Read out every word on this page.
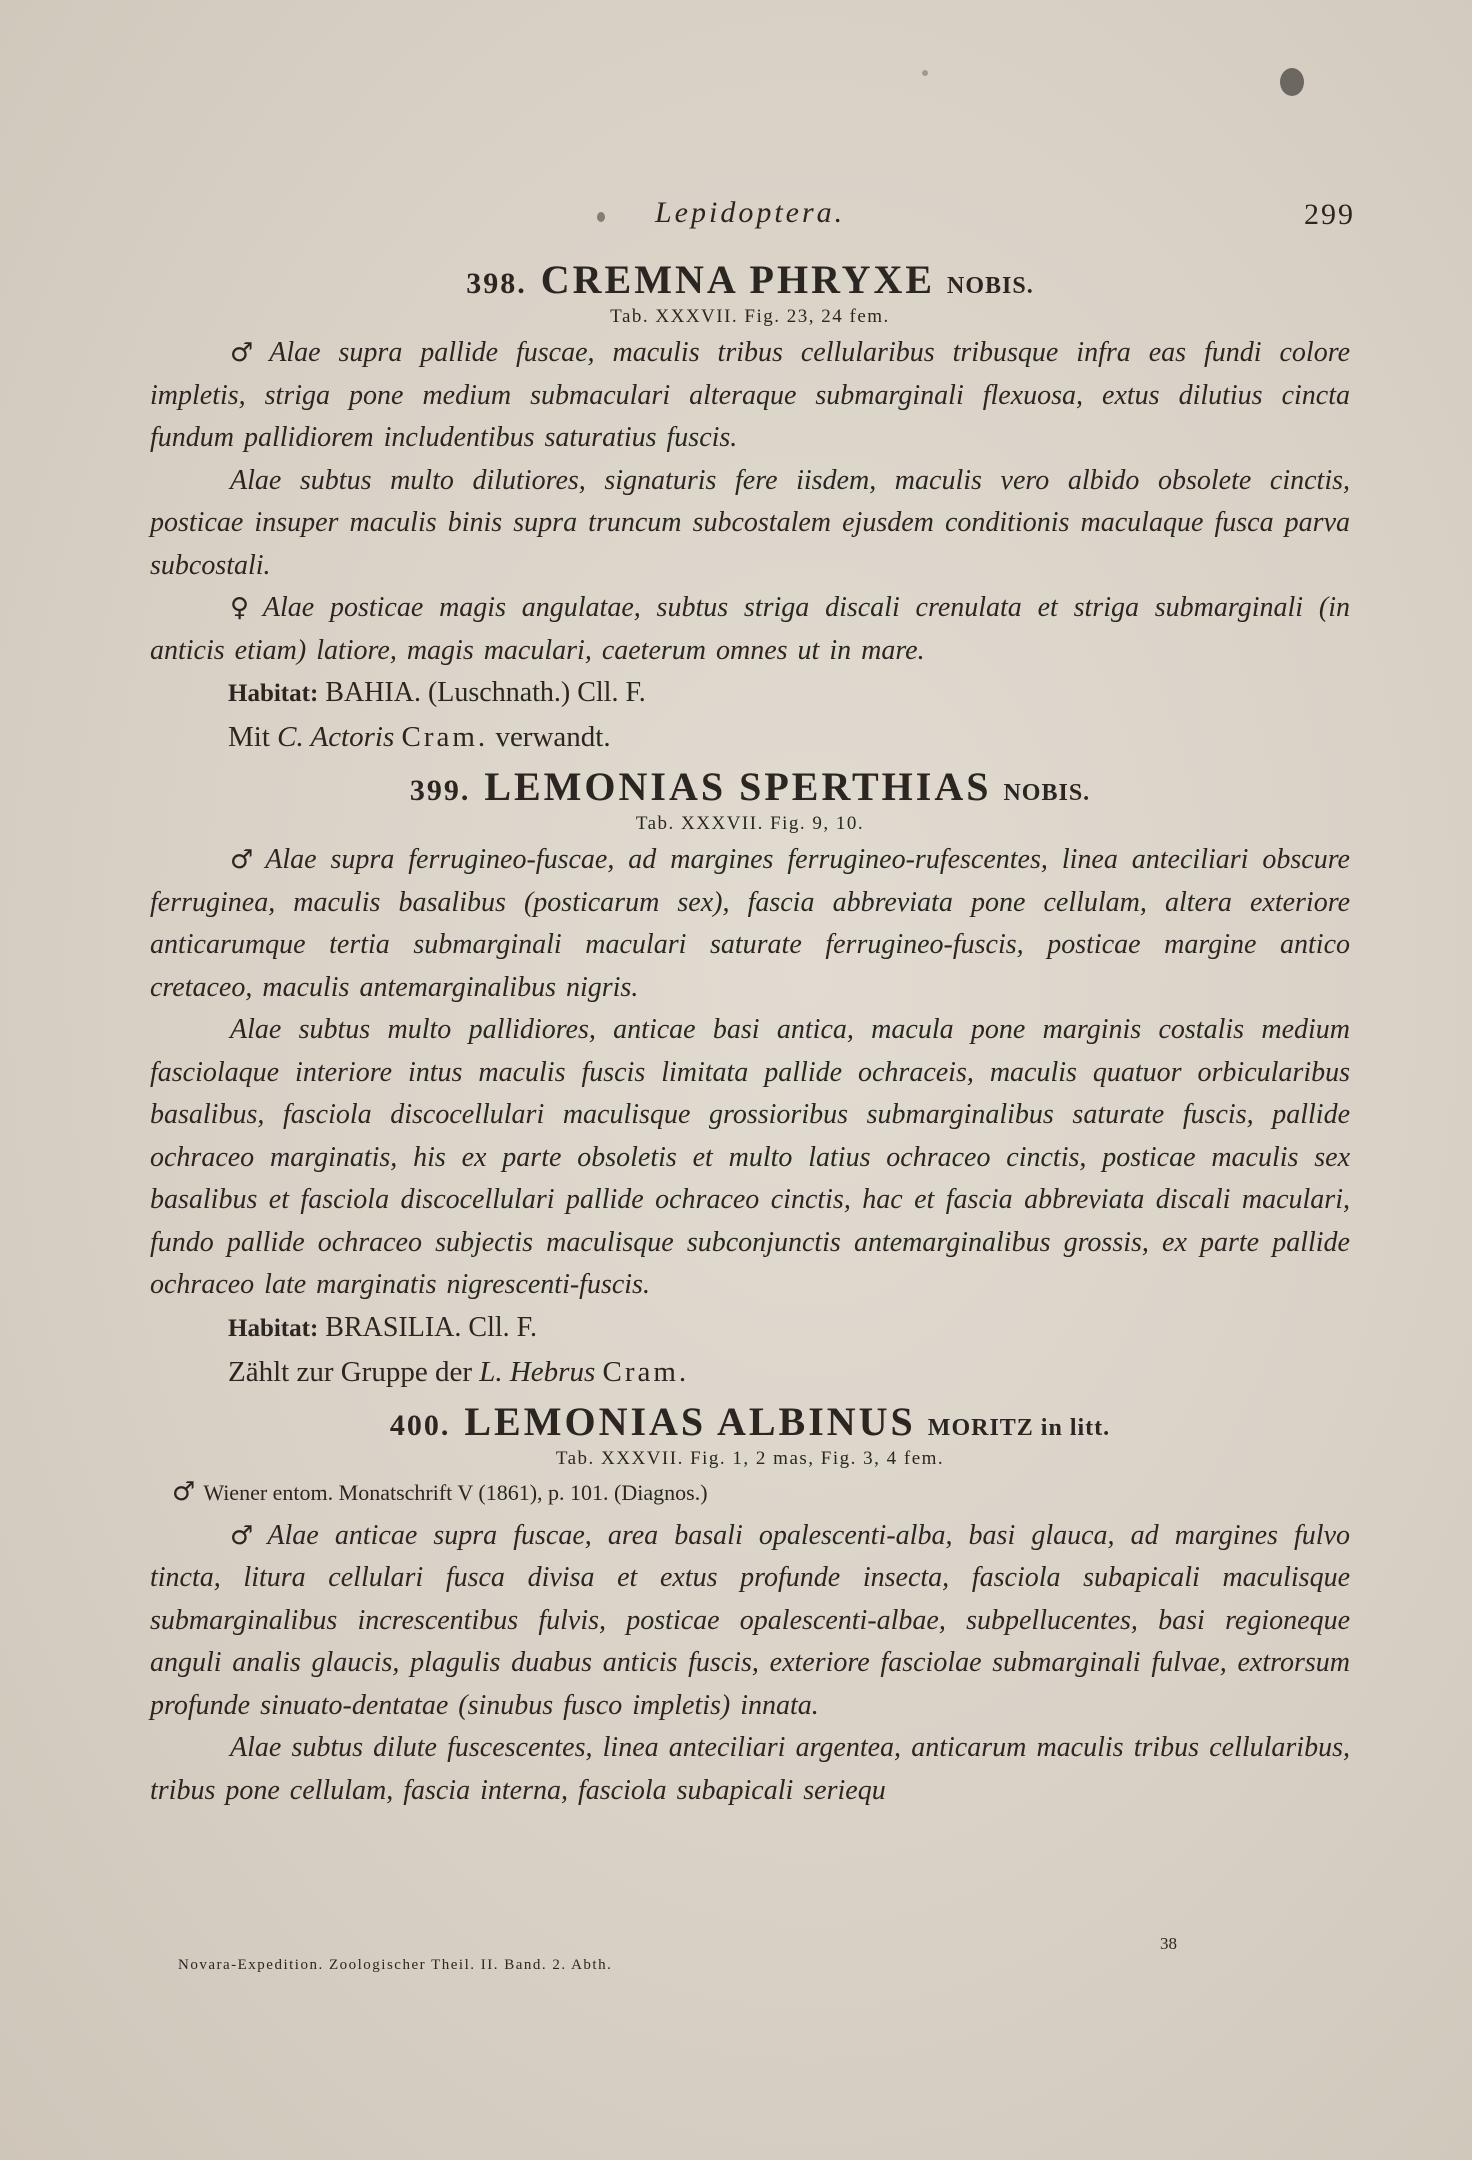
Lepidoptera.	299
398. CREMNA PHRYXE NOBIS.
Tab. XXXVII. Fig. 23, 24 fem.

♂ Alae supra pallide fuscae, maculis tribus cellularibus tribusque infra eas fundi colore impletis, striga pone medium submaculari alteraque submarginali flexuosa, extus dilutius cincta fundum pallidiorem includentibus saturatius fuscis.

Alae subtus multo dilutiores, signaturis fere iisdem, maculis vero albido obsolete cinctis, posticae insuper maculis binis supra truncum subcostalem ejusdem conditionis maculaque fusca parva subcostali.

♀ Alae posticae magis angulatae, subtus striga discali crenulata et striga submarginali (in anticis etiam) latiore, magis maculari, caeterum omnes ut in mare.

Habitat: BAHIA. (Luschnath.) Cll. F.

Mit C. Actoris Cram. verwandt.

399. LEMONIAS SPERTHIAS NOBIS.
Tab. XXXVII. Fig. 9, 10.

♂ Alae supra ferrugineo-fuscae, ad margines ferrugineo-rufescentes, linea anteciliari obscure ferruginea, maculis basalibus (posticarum sex), fascia abbreviata pone cellulam, altera exteriore anticarumque tertia submarginali maculari saturate ferrugineo-fuscis, posticae margine antico cretaceo, maculis antemarginalibus nigris.

Alae subtus multo pallidiores, anticae basi antica, macula pone marginis costalis medium fasciolaque interiore intus maculis fuscis limitata pallide ochraceis, maculis quatuor orbicularibus basalibus, fasciola discocellulari maculisque grossioribus submarginalibus saturate fuscis, pallide ochraceo marginatis, his ex parte obsoletis et multo latius ochraceo cinctis, posticae maculis sex basalibus et fasciola discocellulari pallide ochraceo cinctis, hac et fascia abbreviata discali maculari, fundo pallide ochraceo subjectis maculisque subconjunctis antemarginalibus grossis, ex parte pallide ochraceo late marginatis nigrescenti-fuscis.

Habitat: BRASILIA. Cll. F.

Zählt zur Gruppe der L. Hebrus Cram.

400. LEMONIAS ALBINUS MORITZ in litt.
Tab. XXXVII. Fig. 1, 2 mas, Fig. 3, 4 fem.

♂ Wiener entom. Monatschrift V (1861), p. 101. (Diagnos.)

♂ Alae anticae supra fuscae, area basali opalescenti-alba, basi glauca, ad margines fulvo tincta, litura cellulari fusca divisa et extus profunde insecta, fasciola subapicali maculisque submarginalibus increscentibus fulvis, posticae opalescenti-albae, subpellucentes, basi regioneque anguli analis glaucis, plagulis duabus anticis fuscis, exteriore fasciolae submarginali fulvae, extrorsum profunde sinuato-dentatae (sinubus fusco impletis) innata.

Alae subtus dilute fuscescentes, linea anteciliari argentea, anticarum maculis tribus cellularibus, tribus pone cellulam, fascia interna, fasciola subapicali seriequ

38
Novara-Expedition. Zoologischer Theil. II. Band. 2. Abth.
